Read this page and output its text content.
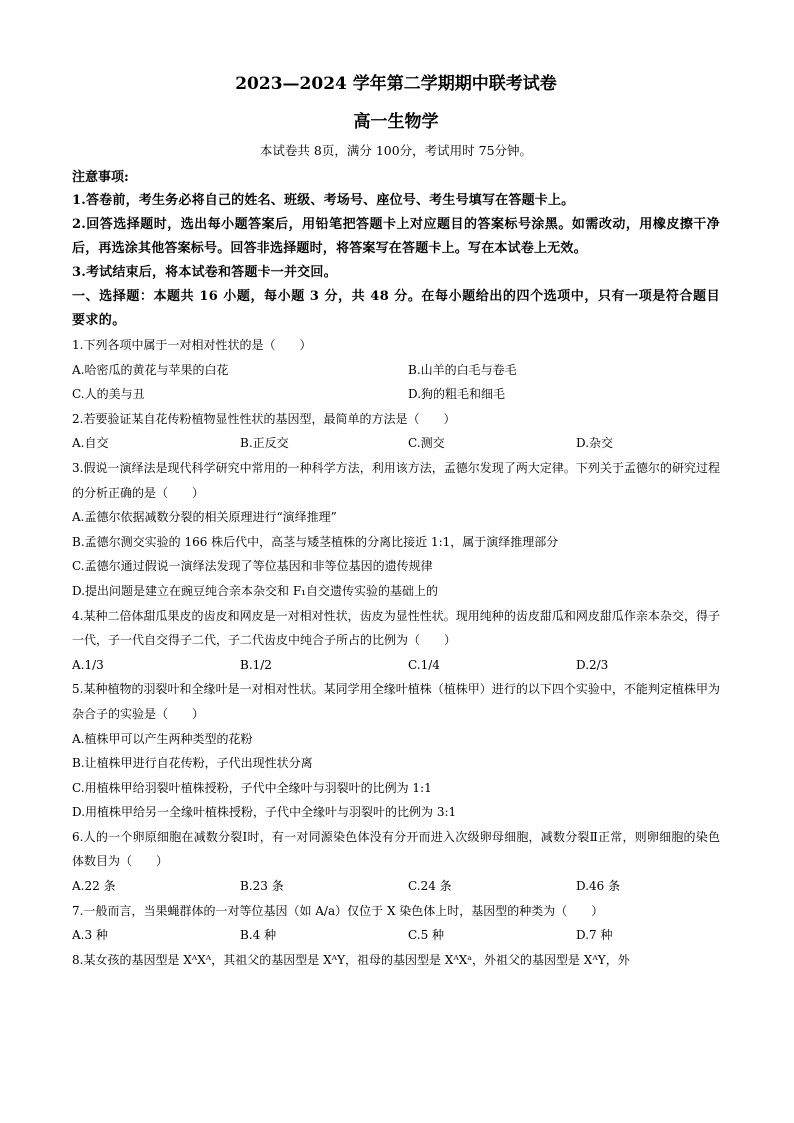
2023—2024 学年第二学期期中联考试卷
高一生物学
本试卷共 8页，满分 100分，考试用时 75分钟。
注意事项:
1.答卷前，考生务必将自己的姓名、班级、考场号、座位号、考生号填写在答题卡上。
2.回答选择题时，选出每小题答案后，用铅笔把答题卡上对应题目的答案标号涂黑。如需改动，用橡皮擦干净后，再选涂其他答案标号。回答非选择题时，将答案写在答题卡上。写在本试卷上无效。
3.考试结束后，将本试卷和答题卡一并交回。
一、选择题：本题共 16 小题，每小题 3 分，共 48 分。在每小题给出的四个选项中，只有一项是符合题目要求的。
1.下列各项中属于一对相对性状的是（　　）
A.哈密瓜的黄花与苹果的白花	B.山羊的白毛与卷毛
C.人的美与丑	D.狗的粗毛和细毛
2.若要验证某自花传粉植物显性性状的基因型，最简单的方法是（　　）
A.自交	B.正反交	C.测交	D.杂交
3.假说一演绎法是现代科学研究中常用的一种科学方法，利用该方法，孟德尔发现了两大定律。下列关于孟德尔的研究过程的分析正确的是（　　）
A.孟德尔依据减数分裂的相关原理进行“演绎推理”
B.孟德尔测交实验的 166 株后代中，高茎与矮茎植株的分离比接近 1:1，属于演绎推理部分
C.孟德尔通过假说一演绎法发现了等位基因和非等位基因的遗传规律
D.提出问题是建立在豌豆纯合亲本杂交和 F₁自交遗传实验的基础上的
4.某种二倍体甜瓜果皮的齿皮和网皮是一对相对性状，齿皮为显性性状。现用纯种的齿皮甜瓜和网皮甜瓜作亲本杂交，得子一代，子一代自交得子二代，子二代齿皮中纯合子所占的比例为（　　）
A.1/3	B.1/2	C.1/4	D.2/3
5.某种植物的羽裂叶和全缘叶是一对相对性状。某同学用全缘叶植株（植株甲）进行的以下四个实验中，不能判定植株甲为杂合子的实验是（　　）
A.植株甲可以产生两种类型的花粉
B.让植株甲进行自花传粉，子代出现性状分离
C.用植株甲给羽裂叶植株授粉，子代中全缘叶与羽裂叶的比例为 1:1
D.用植株甲给另一全缘叶植株授粉，子代中全缘叶与羽裂叶的比例为 3:1
6.人的一个卵原细胞在减数分裂Ⅰ时，有一对同源染色体没有分开而进入次级卵母细胞，减数分裂Ⅱ正常，则卵细胞的染色体数目为（　　）
A.22 条	B.23 条	C.24 条	D.46 条
7.一般而言，当果蝇群体的一对等位基因（如 A/a）仅位于 X 染色体上时，基因型的种类为（　　）
A.3 种	B.4 种	C.5 种	D.7 种
8.某女孩的基因型是 XᴬXᴬ，其祖父的基因型是 XᴬY，祖母的基因型是 XᴬXᵃ，外祖父的基因型是 XᴬY，外
